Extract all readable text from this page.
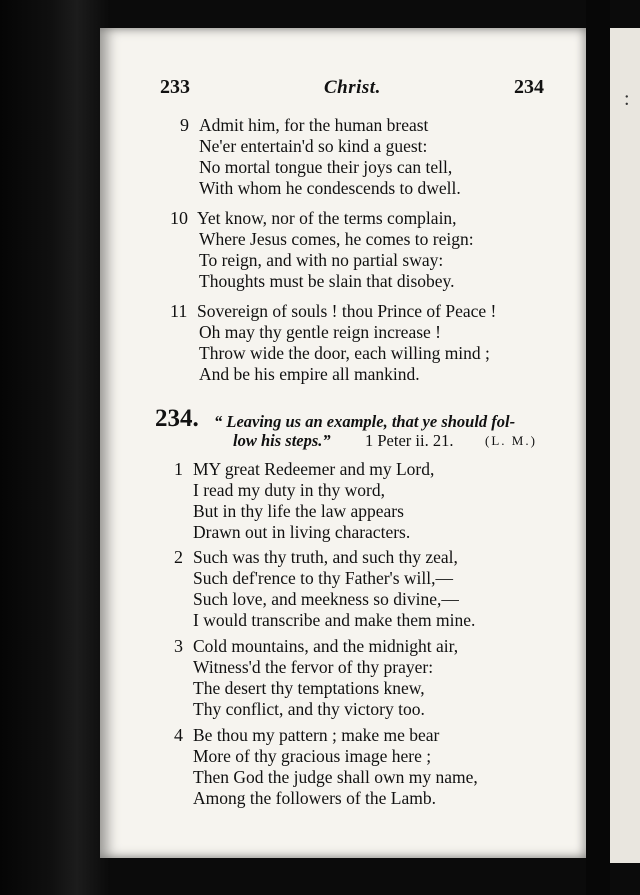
:
233	Christ.	234
9 Admit him, for the human breast
Ne'er entertain'd so kind a guest:
No mortal tongue their joys can tell,
With whom he condescends to dwell.
10 Yet know, nor of the terms complain,
Where Jesus comes, he comes to reign:
To reign, and with no partial sway:
Thoughts must be slain that disobey.
11 Sovereign of souls ! thou Prince of Peace !
Oh may thy gentle reign increase !
Throw wide the door, each willing mind ;
And be his empire all mankind.
234. “ Leaving us an example, that ye should fol-
low his steps.” 1 Peter ii. 21. (L. M.)
1 MY great Redeemer and my Lord,
I read my duty in thy word,
But in thy life the law appears
Drawn out in living characters.
2 Such was thy truth, and such thy zeal,
Such def'rence to thy Father's will,—
Such love, and meekness so divine,—
I would transcribe and make them mine.
3 Cold mountains, and the midnight air,
Witness'd the fervor of thy prayer:
The desert thy temptations knew,
Thy conflict, and thy victory too.
4 Be thou my pattern ; make me bear
More of thy gracious image here ;
Then God the judge shall own my name,
Among the followers of the Lamb.
